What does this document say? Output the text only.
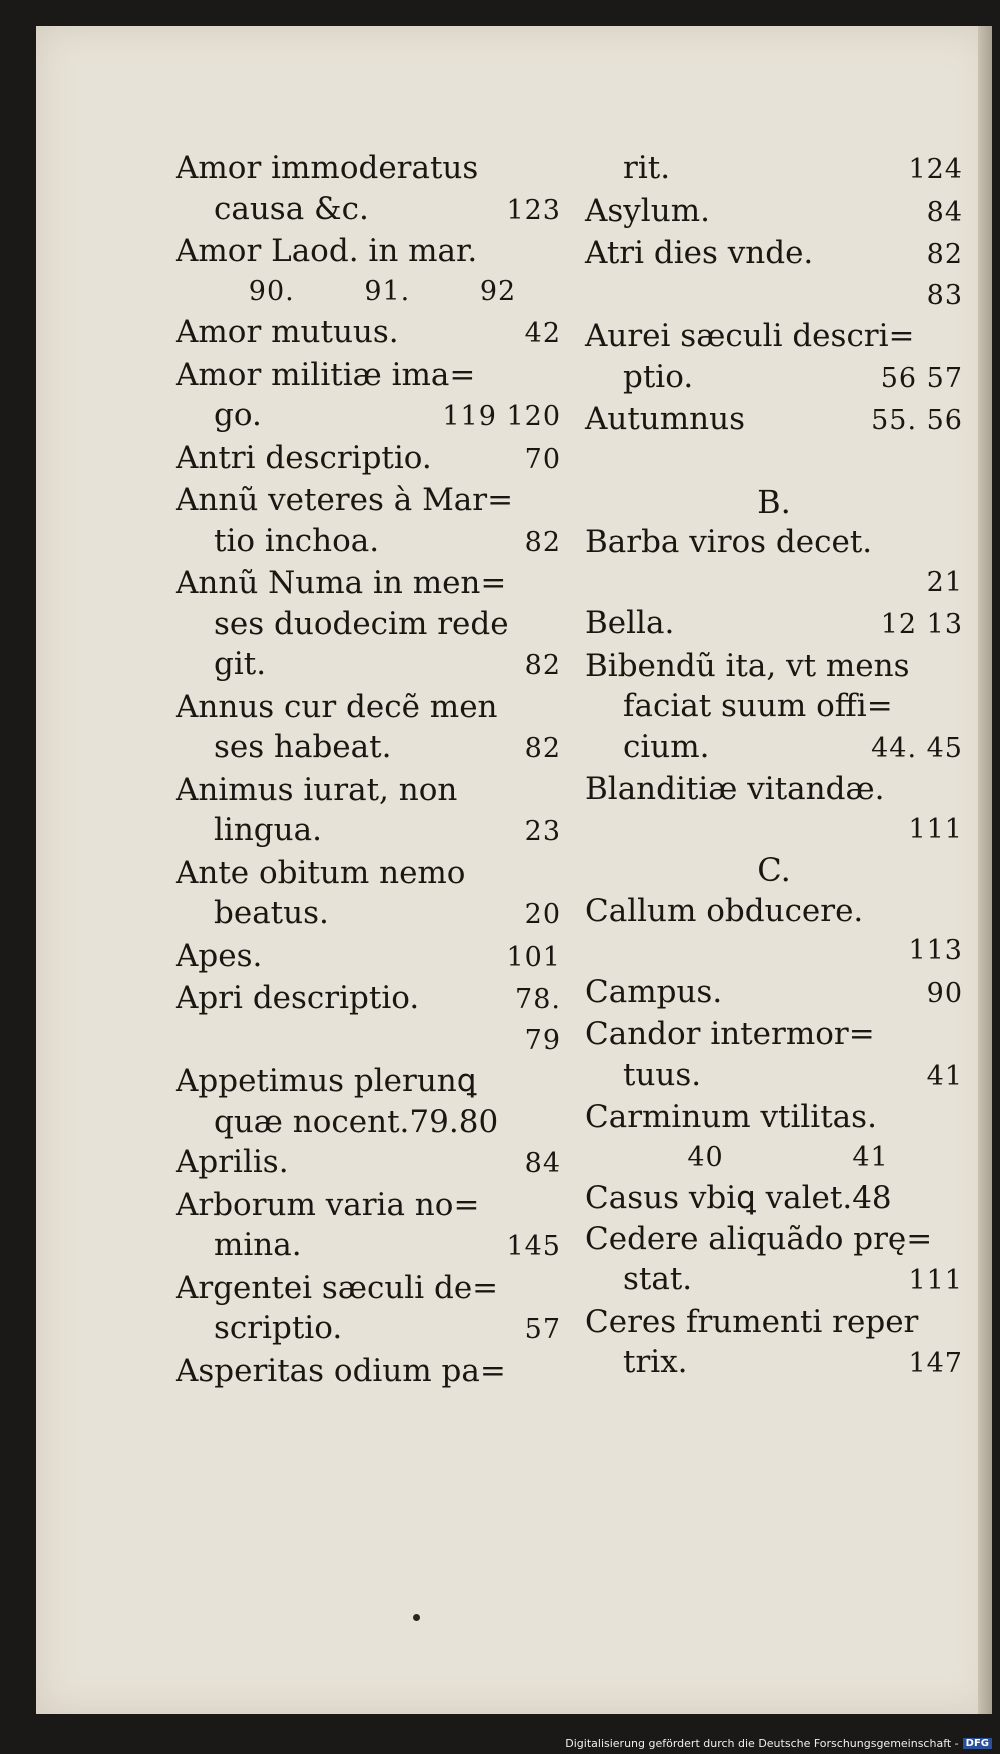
Amor immoderatus
causa &c.	123
Amor Laod. in mar.
90.	91.	92
Amor mutuus.	42
Amor militiæ ima=
go.	119 120
Antri descriptio.	70
Annũ veteres à Mar=
tio inchoa.	82
Annũ Numa in men=
ses duodecim rede
git.	82
Annus cur decẽ men
ses habeat.	82
Animus iurat, non
lingua.	23
Ante obitum nemo
beatus.	20
Apes.	101
Apri descriptio.	78.
79
Appetimus plerunꝗ
quæ nocent.79.80
Aprilis.	84
Arborum varia no=
mina.	145
Argentei sæculi de=
scriptio.	57
Asperitas odium pa=
rit.	124
Asylum.	84
Atri dies vnde.	82
83
Aurei sæculi descri=
ptio.	56 57
Autumnus	55. 56
B.
Barba viros decet.
21
Bella.	12 13
Bibendũ ita, vt mens
faciat suum offi=
cium.	44. 45
Blanditiæ vitandæ.
111
C.
Callum obducere.
113
Campus.	90
Candor intermor=
tuus.	41
Carminum vtilitas.
40	41
Casus vbiꝗ valet.48
Cedere aliquãdo prę=
stat.	111
Ceres frumenti reper
trix.	147
Digitalisierung gefördert durch die Deutsche Forschungsgemeinschaft - DFG
